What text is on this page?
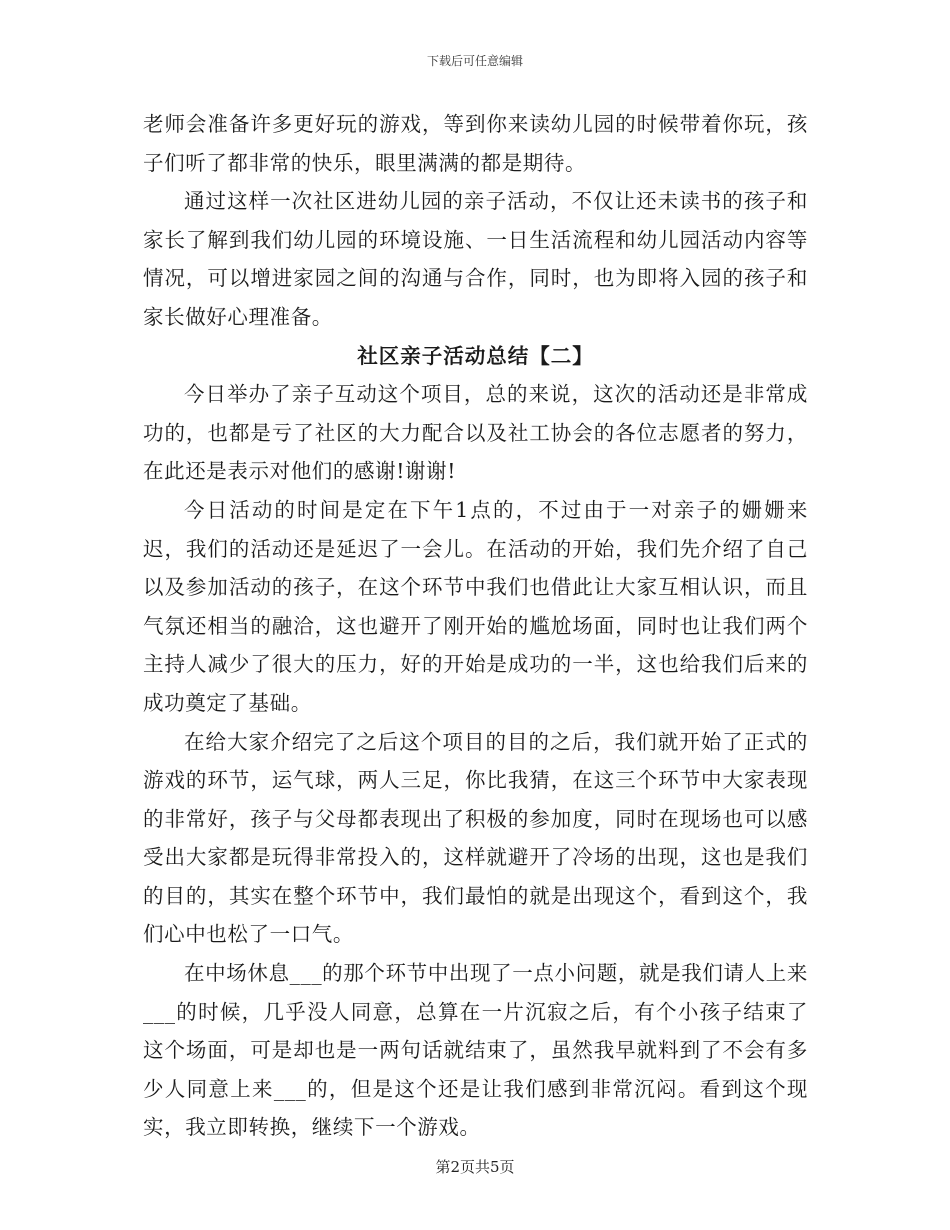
下载后可任意编辑

老师会准备许多更好玩的游戏，等到你来读幼儿园的时候带着你玩，孩子们听了都非常的快乐，眼里满满的都是期待。

通过这样一次社区进幼儿园的亲子活动，不仅让还未读书的孩子和家长了解到我们幼儿园的环境设施、一日生活流程和幼儿园活动内容等情况，可以增进家园之间的沟通与合作，同时，也为即将入园的孩子和家长做好心理准备。

社区亲子活动总结【二】

今日举办了亲子互动这个项目，总的来说，这次的活动还是非常成功的，也都是亏了社区的大力配合以及社工协会的各位志愿者的努力，在此还是表示对他们的感谢!谢谢!

今日活动的时间是定在下午1点的，不过由于一对亲子的姗姗来迟，我们的活动还是延迟了一会儿。在活动的开始，我们先介绍了自己以及参加活动的孩子，在这个环节中我们也借此让大家互相认识，而且气氛还相当的融洽，这也避开了刚开始的尴尬场面，同时也让我们两个主持人减少了很大的压力，好的开始是成功的一半，这也给我们后来的成功奠定了基础。

在给大家介绍完了之后这个项目的目的之后，我们就开始了正式的游戏的环节，运气球，两人三足，你比我猜，在这三个环节中大家表现的非常好，孩子与父母都表现出了积极的参加度，同时在现场也可以感受出大家都是玩得非常投入的，这样就避开了冷场的出现，这也是我们的目的，其实在整个环节中，我们最怕的就是出现这个，看到这个，我们心中也松了一口气。

在中场休息___的那个环节中出现了一点小问题，就是我们请人上来___的时候，几乎没人同意，总算在一片沉寂之后，有个小孩子结束了这个场面，可是却也是一两句话就结束了，虽然我早就料到了不会有多少人同意上来___的，但是这个还是让我们感到非常沉闷。看到这个现实，我立即转换，继续下一个游戏。

第2页共5页
